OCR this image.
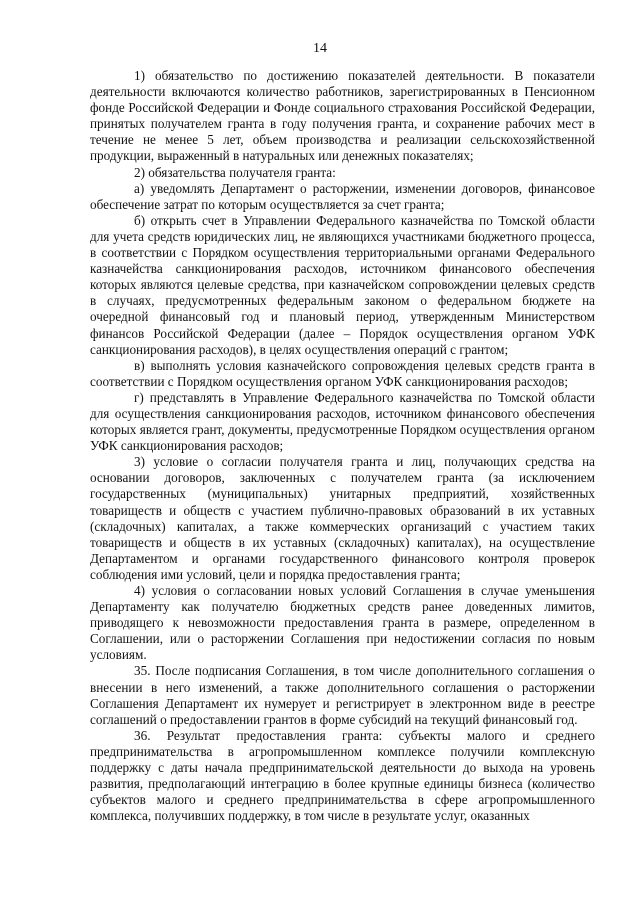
14

1) обязательство по достижению показателей деятельности. В показатели деятельности включаются количество работников, зарегистрированных в Пенсионном фонде Российской Федерации и Фонде социального страхования Российской Федерации, принятых получателем гранта в году получения гранта, и сохранение рабочих мест в течение не менее 5 лет, объем производства и реализации сельскохозяйственной продукции, выраженный в натуральных или денежных показателях;

2) обязательства получателя гранта:

а) уведомлять Департамент о расторжении, изменении договоров, финансовое обеспечение затрат по которым осуществляется за счет гранта;

б) открыть счет в Управлении Федерального казначейства по Томской области для учета средств юридических лиц, не являющихся участниками бюджетного процесса, в соответствии с Порядком осуществления территориальными органами Федерального казначейства санкционирования расходов, источником финансового обеспечения которых являются целевые средства, при казначейском сопровождении целевых средств в случаях, предусмотренных федеральным законом о федеральном бюджете на очередной финансовый год и плановый период, утвержденным Министерством финансов Российской Федерации (далее – Порядок осуществления органом УФК санкционирования расходов), в целях осуществления операций с грантом;

в) выполнять условия казначейского сопровождения целевых средств гранта в соответствии с Порядком осуществления органом УФК санкционирования расходов;

г) представлять в Управление Федерального казначейства по Томской области для осуществления санкционирования расходов, источником финансового обеспечения которых является грант, документы, предусмотренные Порядком осуществления органом УФК санкционирования расходов;

3) условие о согласии получателя гранта и лиц, получающих средства на основании договоров, заключенных с получателем гранта (за исключением государственных (муниципальных) унитарных предприятий, хозяйственных товариществ и обществ с участием публично-правовых образований в их уставных (складочных) капиталах, а также коммерческих организаций с участием таких товариществ и обществ в их уставных (складочных) капиталах), на осуществление Департаментом и органами государственного финансового контроля проверок соблюдения ими условий, цели и порядка предоставления гранта;

4) условия о согласовании новых условий Соглашения в случае уменьшения Департаменту как получателю бюджетных средств ранее доведенных лимитов, приводящего к невозможности предоставления гранта в размере, определенном в Соглашении, или о расторжении Соглашения при недостижении согласия по новым условиям.

35. После подписания Соглашения, в том числе дополнительного соглашения о внесении в него изменений, а также дополнительного соглашения о расторжении Соглашения Департамент их нумерует и регистрирует в электронном виде в реестре соглашений о предоставлении грантов в форме субсидий на текущий финансовый год.

36. Результат предоставления гранта: субъекты малого и среднего предпринимательства в агропромышленном комплексе получили комплексную поддержку с даты начала предпринимательской деятельности до выхода на уровень развития, предполагающий интеграцию в более крупные единицы бизнеса (количество субъектов малого и среднего предпринимательства в сфере агропромышленного комплекса, получивших поддержку, в том числе в результате услуг, оказанных
